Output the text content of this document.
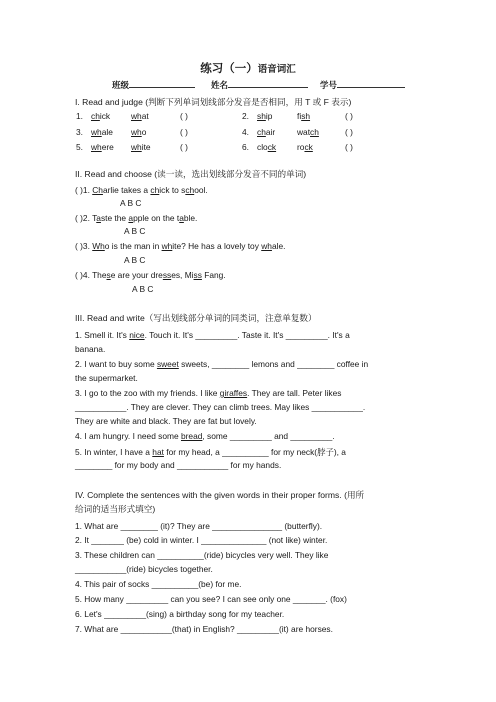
练习（一）语音词汇
班级	姓名	学号
I. Read and judge (判断下列单词划线部分发音是否相同，用 T 或 F 表示)
1. chick what	( )	2. ship	fish	( )
3. whale who	( )	4. chair	watch	( )
5. where white	( )	6. clock rock	( )
II. Read and choose (读一读，选出划线部分发音不同的单词)
( )1. Charlie takes a chick to school.
A B C
( )2. Taste the apple on the table.
A B C
( )3. Who is the man in white? He has a lovely toy whale.
A B C
( )4. These are your dresses, Miss Fang.
A B C
III. Read and write（写出划线部分单词的同类词，注意单复数）
1. Smell it. It's nice. Touch it. It's _________. Taste it. It's _________. It's a
banana.
2. I want to buy some sweet sweets, ________ lemons and ________ coffee in
the supermarket.
3. I go to the zoo with my friends. I like giraffes. They are tall. Peter likes
___________. They are clever. They can climb trees. May likes ___________.
They are white and black. They are fat but lovely.
4. I am hungry. I need some bread, some _________ and _________.
5. In winter, I have a hat for my head, a __________ for my neck(脖子), a
________ for my body and ___________ for my hands.
IV. Complete the sentences with the given words in their proper forms. (用所
给词的适当形式填空)
1. What are ________ (it)? They are _______________ (butterfly).
2. It _______ (be) cold in winter. I ______________ (not like) winter.
3. These children can __________(ride) bicycles very well. They like
___________(ride) bicycles together.
4. This pair of socks __________(be) for me.
5. How many _________ can you see? I can see only one _______. (fox)
6. Let's _________(sing) a birthday song for my teacher.
7. What are ___________(that) in English? _________(it) are horses.
